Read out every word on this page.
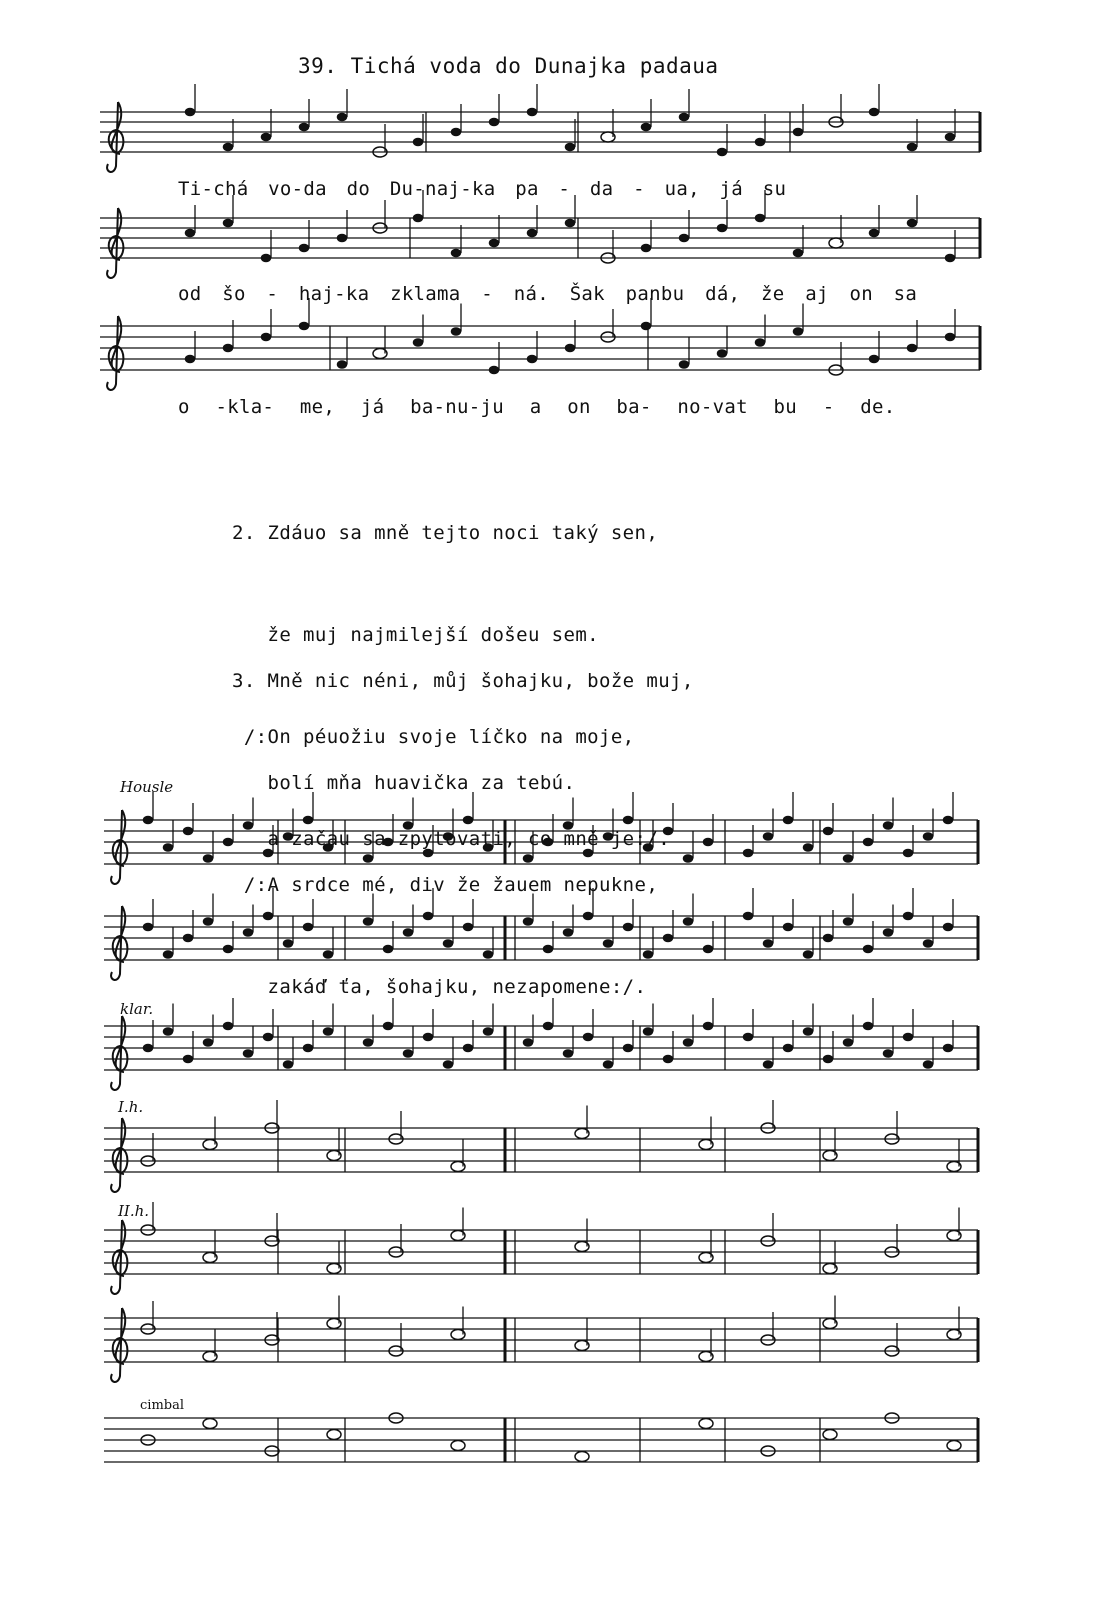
39. Tichá voda do Dunajka padaua
Ti-chá vo-da do Du-naj-ka pa - da - ua, já su
od šo - haj-ka zklama - ná. Šak panbu dá, že aj on sa
o -kla- me, já ba-nu-ju a on ba- no-vat bu - de.

2. Zdáuo sa mně tejto noci taký sen,

že muj najmilejší došeu sem.

/:On péuožiu svoje líčko na moje,

a začau sa zpytovati, co mně je:/.

3. Mně nic néni, můj šohajku, bože muj,

bolí mňa huavička za tebú.

/:A srdce mé, div že žauem nepukne,

zakáď ťa, šohajku, nezapomene:/.

Housle
klar.
I.h.
II.h.
cimbal
